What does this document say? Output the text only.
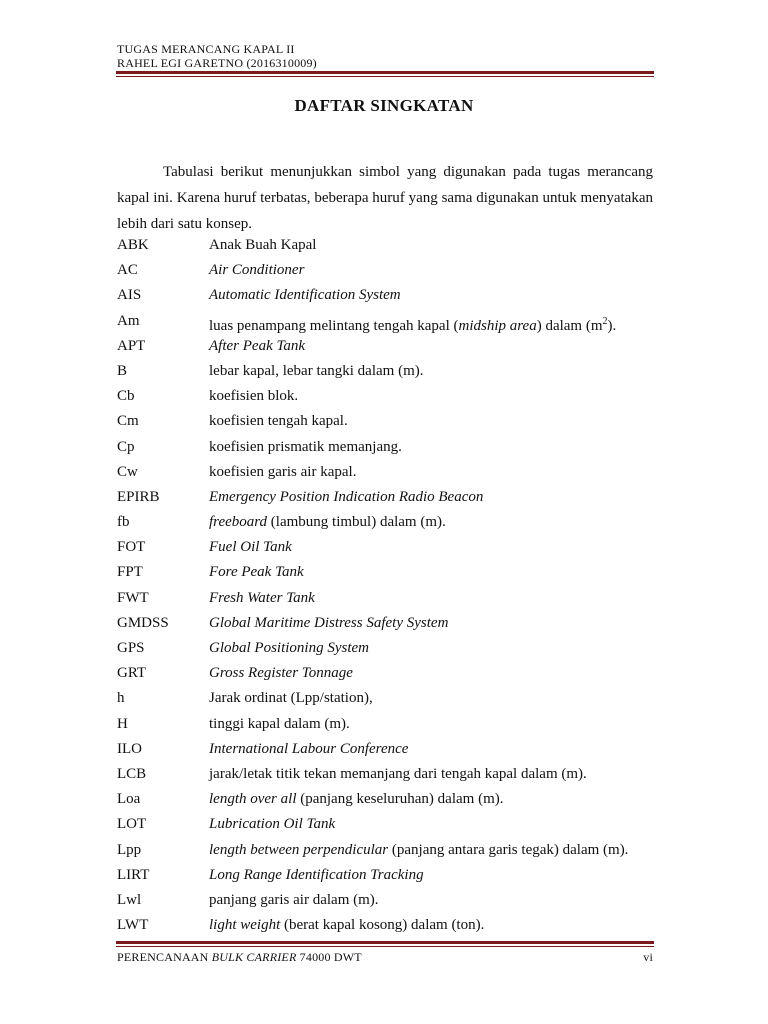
TUGAS MERANCANG KAPAL II
RAHEL EGI GARETNO (2016310009)
DAFTAR SINGKATAN
Tabulasi berikut menunjukkan simbol yang digunakan pada tugas merancang kapal ini. Karena huruf terbatas, beberapa huruf yang sama digunakan untuk menyatakan lebih dari satu konsep.
ABK	Anak Buah Kapal
AC	Air Conditioner
AIS	Automatic Identification System
Am	luas penampang melintang tengah kapal (midship area) dalam $(m^2)$.
APT	After Peak Tank
B	lebar kapal, lebar tangki dalam (m).
Cb	koefisien blok.
Cm	koefisien tengah kapal.
Cp	koefisien prismatik memanjang.
Cw	koefisien garis air kapal.
EPIRB	Emergency Position Indication Radio Beacon
fb	freeboard (lambung timbul) dalam (m).
FOT	Fuel Oil Tank
FPT	Fore Peak Tank
FWT	Fresh Water Tank
GMDSS	Global Maritime Distress Safety System
GPS	Global Positioning System
GRT	Gross Register Tonnage
h	Jarak ordinat (Lpp/station),
H	tinggi kapal dalam (m).
ILO	International Labour Conference
LCB	jarak/letak titik tekan memanjang dari tengah kapal dalam (m).
Loa	length over all (panjang keseluruhan) dalam (m).
LOT	Lubrication Oil Tank
Lpp	length between perpendicular (panjang antara garis tegak) dalam (m).
LIRT	Long Range Identification Tracking
Lwl	panjang garis air dalam (m).
LWT	light weight (berat kapal kosong) dalam (ton).
PERENCANAAN BULK CARRIER 74000 DWT	vi
